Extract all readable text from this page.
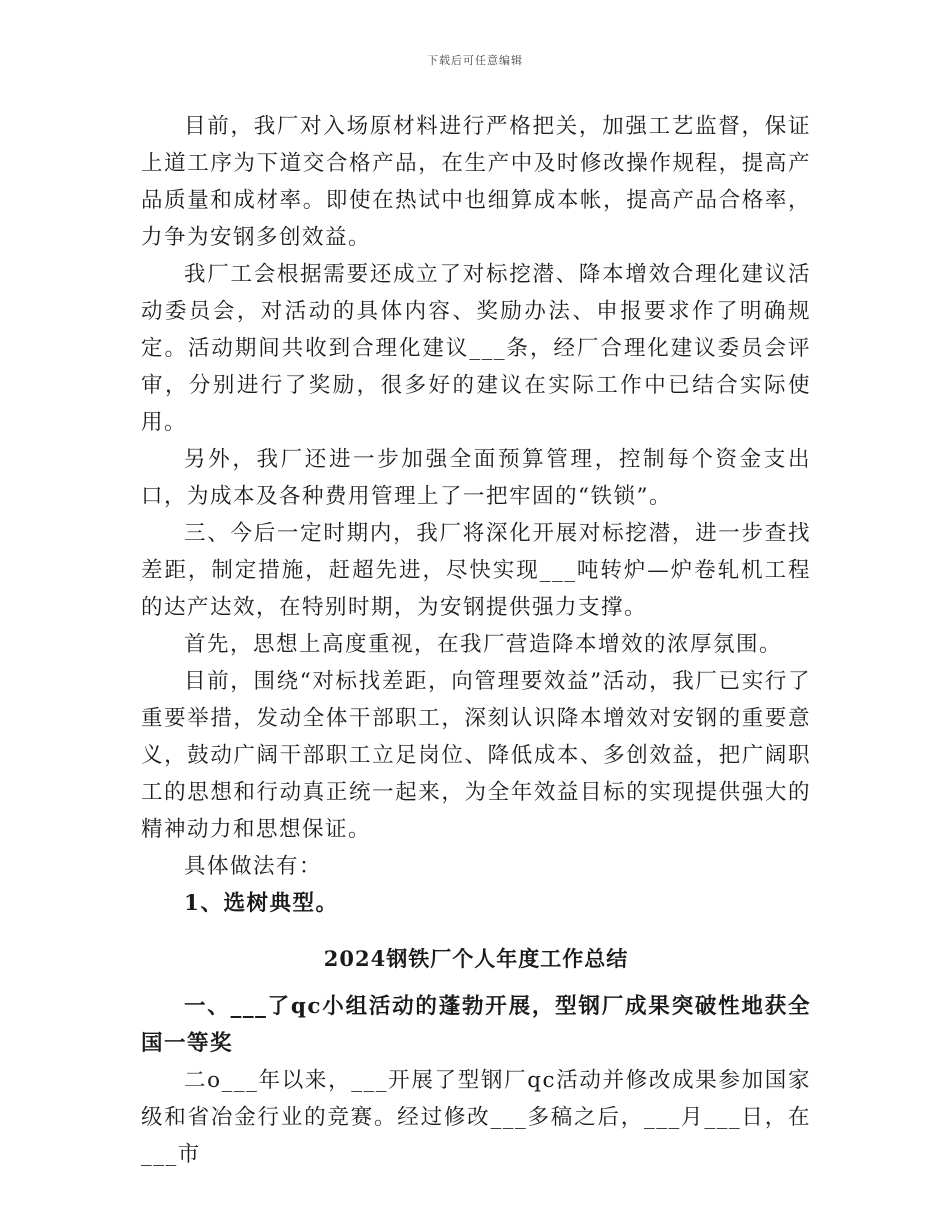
下载后可任意编辑

目前，我厂对入场原材料进行严格把关，加强工艺监督，保证上道工序为下道交合格产品，在生产中及时修改操作规程，提高产品质量和成材率。即使在热试中也细算成本帐，提高产品合格率，力争为安钢多创效益。

我厂工会根据需要还成立了对标挖潜、降本增效合理化建议活动委员会，对活动的具体内容、奖励办法、申报要求作了明确规定。活动期间共收到合理化建议___条，经厂合理化建议委员会评审，分别进行了奖励，很多好的建议在实际工作中已结合实际使用。

另外，我厂还进一步加强全面预算管理，控制每个资金支出口，为成本及各种费用管理上了一把牢固的“铁锁”。

三、今后一定时期内，我厂将深化开展对标挖潜，进一步查找差距，制定措施，赶超先进，尽快实现___吨转炉—炉卷轧机工程的达产达效，在特别时期，为安钢提供强力支撑。

首先，思想上高度重视，在我厂营造降本增效的浓厚氛围。

目前，围绕“对标找差距，向管理要效益”活动，我厂已实行了重要举措，发动全体干部职工，深刻认识降本增效对安钢的重要意义，鼓动广阔干部职工立足岗位、降低成本、多创效益，把广阔职工的思想和行动真正统一起来，为全年效益目标的实现提供强大的精神动力和思想保证。

具体做法有：

1、选树典型。

2024钢铁厂个人年度工作总结

一、___了qc小组活动的蓬勃开展，型钢厂成果突破性地获全国一等奖

二o___年以来，___开展了型钢厂qc活动并修改成果参加国家级和省冶金行业的竞赛。经过修改___多稿之后，___月___日，在___市
